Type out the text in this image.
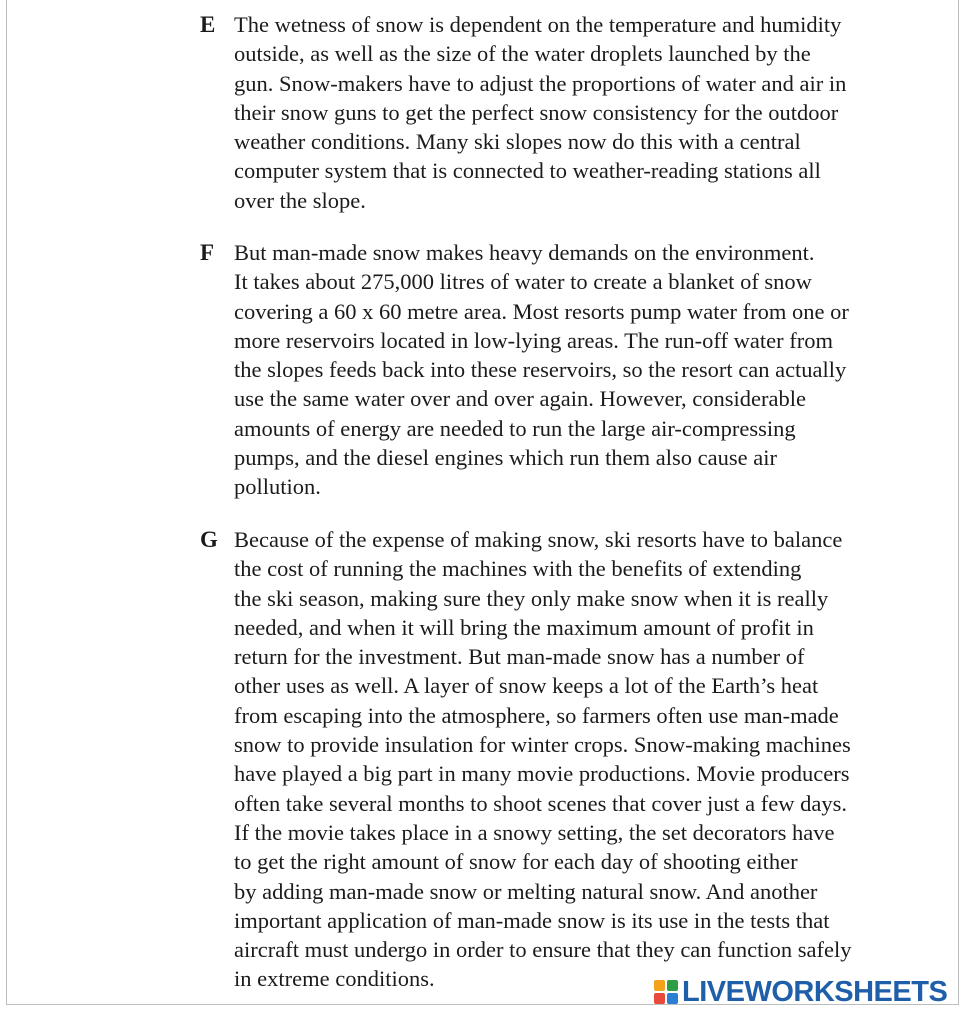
E The wetness of snow is dependent on the temperature and humidity
outside, as well as the size of the water droplets launched by the
gun. Snow-makers have to adjust the proportions of water and air in
their snow guns to get the perfect snow consistency for the outdoor
weather conditions. Many ski slopes now do this with a central
computer system that is connected to weather-reading stations all
over the slope.
F But man-made snow makes heavy demands on the environment.
It takes about 275,000 litres of water to create a blanket of snow
covering a 60 x 60 metre area. Most resorts pump water from one or
more reservoirs located in low-lying areas. The run-off water from
the slopes feeds back into these reservoirs, so the resort can actually
use the same water over and over again. However, considerable
amounts of energy are needed to run the large air-compressing
pumps, and the diesel engines which run them also cause air
pollution.
G Because of the expense of making snow, ski resorts have to balance
the cost of running the machines with the benefits of extending
the ski season, making sure they only make snow when it is really
needed, and when it will bring the maximum amount of profit in
return for the investment. But man-made snow has a number of
other uses as well. A layer of snow keeps a lot of the Earth’s heat
from escaping into the atmosphere, so farmers often use man-made
snow to provide insulation for winter crops. Snow-making machines
have played a big part in many movie productions. Movie producers
often take several months to shoot scenes that cover just a few days.
If the movie takes place in a snowy setting, the set decorators have
to get the right amount of snow for each day of shooting either
by adding man-made snow or melting natural snow. And another
important application of man-made snow is its use in the tests that
aircraft must undergo in order to ensure that they can function safely
in extreme conditions.	LIVEWORKSHEETS
